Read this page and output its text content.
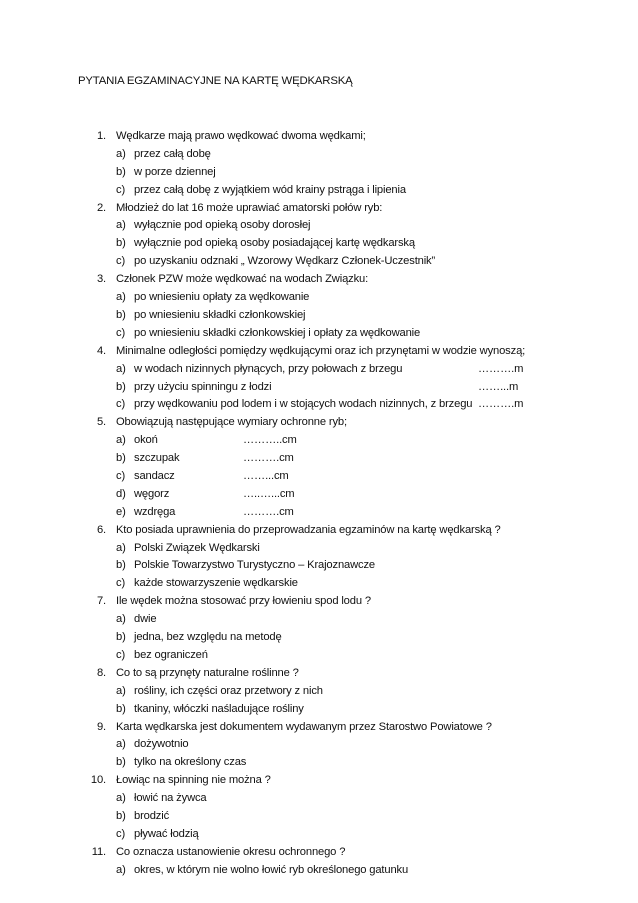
PYTANIA EGZAMINACYJNE NA KARTĘ WĘDKARSKĄ
1. Wędkarze mają prawo wędkować dwoma wędkami;
a) przez całą dobę
b) w porze dziennej
c) przez całą dobę z wyjątkiem wód krainy pstrąga i lipienia
2. Młodzież do lat 16 może uprawiać amatorski połów ryb:
a) wyłącznie pod opieką osoby dorosłej
b) wyłącznie pod opieką osoby posiadającej kartę wędkarską
c) po uzyskaniu odznaki „ Wzorowy Wędkarz Członek-Uczestnik”
3. Członek PZW może wędkować na wodach Związku:
a) po wniesieniu opłaty za wędkowanie
b) po wniesieniu składki członkowskiej
c) po wniesieniu składki członkowskiej i opłaty za wędkowanie
4. Minimalne odległości pomiędzy wędkującymi oraz ich przynętami w wodzie wynoszą;
a) w wodach nizinnych płynących, przy połowach z brzegu	……….m
b) przy użyciu spinningu z łodzi	……...m
c) przy wędkowaniu pod lodem i w stojących wodach nizinnych, z brzegu ……….m
5. Obowiązują następujące wymiary ochronne ryb;
a) okoń	………..cm
b) szczupak	……….cm
c) sandacz	……...cm
d) węgorz	…..…...cm
e) wzdręga	……….cm
6. Kto posiada uprawnienia do przeprowadzania egzaminów na kartę wędkarską ?
a) Polski Związek Wędkarski
b) Polskie Towarzystwo Turystyczno – Krajoznawcze
c) każde stowarzyszenie wędkarskie
7. Ile wędek można stosować przy łowieniu spod lodu ?
a) dwie
b) jedna, bez względu na metodę
c) bez ograniczeń
8. Co to są przynęty naturalne roślinne ?
a) rośliny, ich części oraz przetwory z nich
b) tkaniny, włóczki naśladujące rośliny
9. Karta wędkarska jest dokumentem wydawanym przez Starostwo Powiatowe ?
a) dożywotnio
b) tylko na określony czas
10. Łowiąc na spinning nie można ?
a) łowić na żywca
b) brodzić
c) pływać łodzią
11. Co oznacza ustanowienie okresu ochronnego ?
a) okres, w którym nie wolno łowić ryb określonego gatunku
